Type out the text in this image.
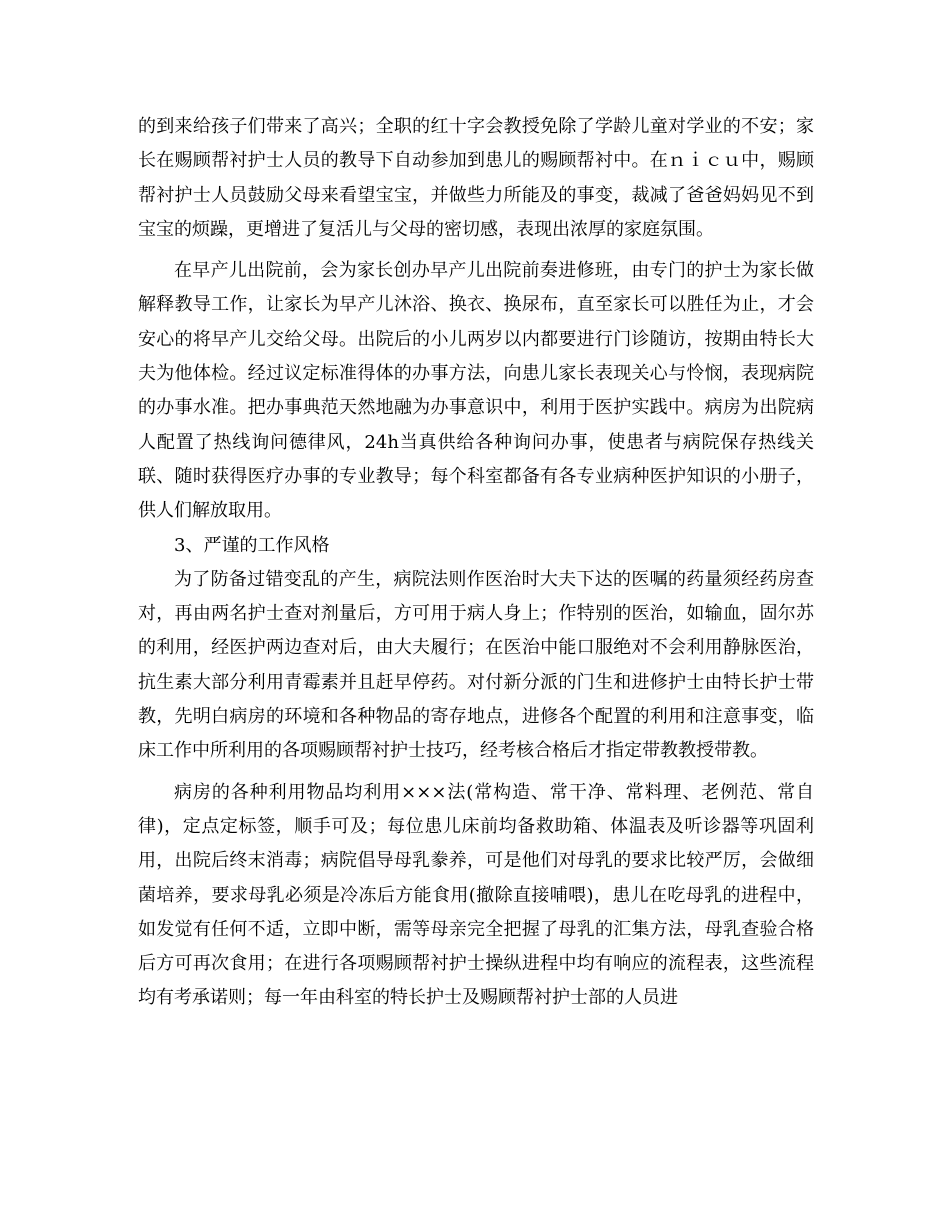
的到来给孩子们带来了高兴；全职的红十字会教授免除了学龄儿童对学业的不安；家长在赐顾帮衬护士人员的教导下自动参加到患儿的赐顾帮衬中。在ｎｉｃｕ中，赐顾帮衬护士人员鼓励父母来看望宝宝，并做些力所能及的事变，裁减了爸爸妈妈见不到宝宝的烦躁，更增进了复活儿与父母的密切感，表现出浓厚的家庭氛围。

在早产儿出院前，会为家长创办早产儿出院前奏进修班，由专门的护士为家长做解释教导工作，让家长为早产儿沐浴、换衣、换尿布，直至家长可以胜任为止，才会安心的将早产儿交给父母。出院后的小儿两岁以内都要进行门诊随访，按期由特长大夫为他体检。经过议定标准得体的办事方法，向患儿家长表现关心与怜悯，表现病院的办事水准。把办事典范天然地融为办事意识中，利用于医护实践中。病房为出院病人配置了热线询问德律风，24h当真供给各种询问办事，使患者与病院保存热线关联、随时获得医疗办事的专业教导；每个科室都备有各专业病种医护知识的小册子，供人们解放取用。

3、严谨的工作风格

为了防备过错变乱的产生，病院法则作医治时大夫下达的医嘱的药量须经药房查对，再由两名护士查对剂量后，方可用于病人身上；作特别的医治，如输血，固尔苏的利用，经医护两边查对后，由大夫履行；在医治中能口服绝对不会利用静脉医治，抗生素大部分利用青霉素并且赶早停药。对付新分派的门生和进修护士由特长护士带教，先明白病房的环境和各种物品的寄存地点，进修各个配置的利用和注意事变，临床工作中所利用的各项赐顾帮衬护士技巧，经考核合格后才指定带教教授带教。

病房的各种利用物品均利用×××法(常构造、常干净、常料理、老例范、常自律)，定点定标签，顺手可及；每位患儿床前均备救助箱、体温表及听诊器等巩固利用，出院后终末消毒；病院倡导母乳豢养，可是他们对母乳的要求比较严厉，会做细菌培养，要求母乳必须是冷冻后方能食用(撤除直接哺喂)，患儿在吃母乳的进程中，如发觉有任何不适，立即中断，需等母亲完全把握了母乳的汇集方法，母乳查验合格后方可再次食用；在进行各项赐顾帮衬护士操纵进程中均有响应的流程表，这些流程均有考承诺则；每一年由科室的特长护士及赐顾帮衬护士部的人员进
